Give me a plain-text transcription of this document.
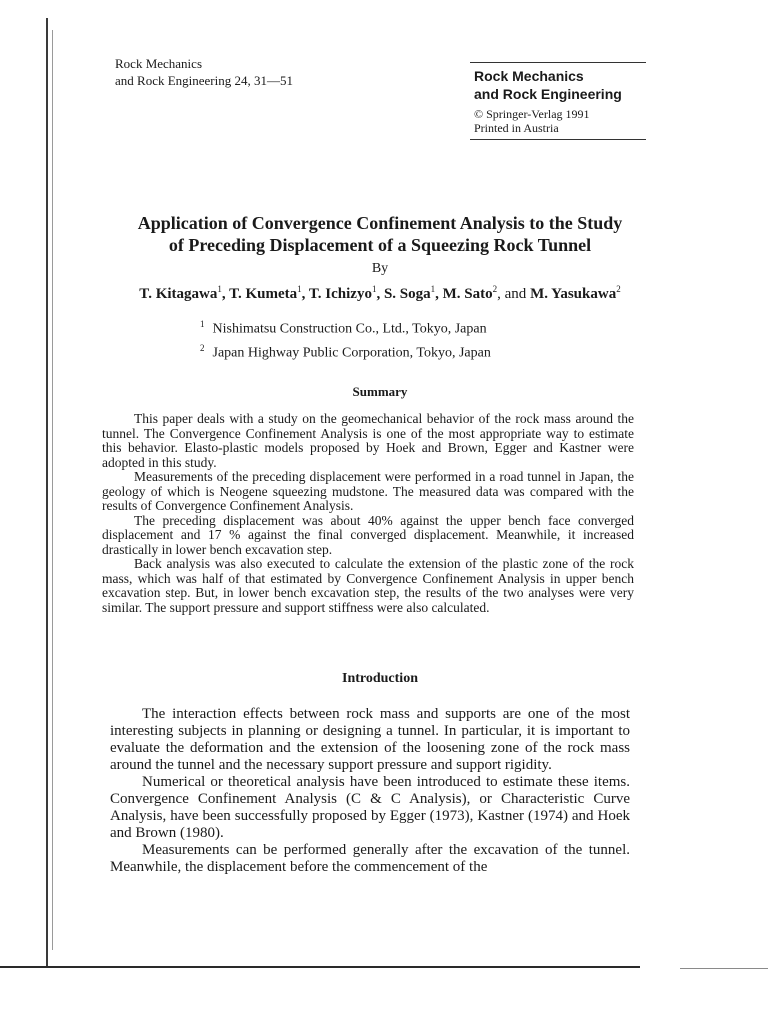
Rock Mechanics
and Rock Engineering 24, 31—51	Rock Mechanics
and Rock Engineering
© Springer-Verlag 1991
Printed in Austria
Application of Convergence Confinement Analysis to the Study
of Preceding Displacement of a Squeezing Rock Tunnel
By
T. Kitagawa$^1$, T. Kumeta$^1$, T. Ichizyo$^1$, S. Soga$^1$, M. Sato$^2$, and M. Yasukawa$^2$
$^1$ Nishimatsu Construction Co., Ltd., Tokyo, Japan
$^2$ Japan Highway Public Corporation, Tokyo, Japan
Summary

This paper deals with a study on the geomechanical behavior of the rock mass around the tunnel. The Convergence Confinement Analysis is one of the most appropriate way to estimate this behavior. Elasto-plastic models proposed by Hoek and Brown, Egger and Kastner were adopted in this study.

Measurements of the preceding displacement were performed in a road tunnel in Japan, the geology of which is Neogene squeezing mudstone. The measured data was compared with the results of Convergence Confinement Analysis.

The preceding displacement was about 40% against the upper bench face converged displacement and 17 % against the final converged displacement. Meanwhile, it increased drastically in lower bench excavation step.

Back analysis was also executed to calculate the extension of the plastic zone of the rock mass, which was half of that estimated by Convergence Confinement Analysis in upper bench excavation step. But, in lower bench excavation step, the results of the two analyses were very similar. The support pressure and support stiffness were also calculated.

Introduction

The interaction effects between rock mass and supports are one of the most interesting subjects in planning or designing a tunnel. In particular, it is important to evaluate the deformation and the extension of the loosening zone of the rock mass around the tunnel and the necessary support pressure and support rigidity.

Numerical or theoretical analysis have been introduced to estimate these items. Convergence Confinement Analysis (C & C Analysis), or Characteristic Curve Analysis, have been successfully proposed by Egger (1973), Kastner (1974) and Hoek and Brown (1980).

Measurements can be performed generally after the excavation of the tunnel. Meanwhile, the displacement before the commencement of the
